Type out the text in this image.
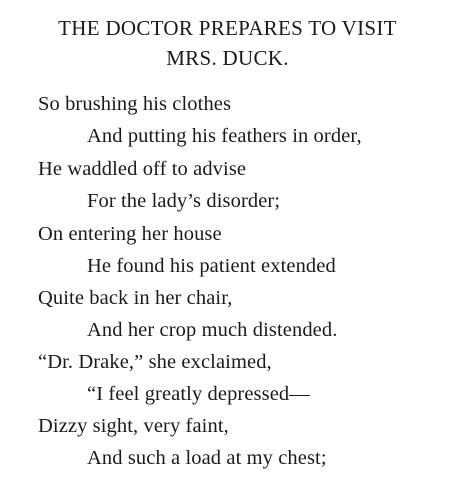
THE DOCTOR PREPARES TO VISIT
MRS. DUCK.
So brushing his clothes
And putting his feathers in order,
He waddled off to advise
For the lady’s disorder;
On entering her house
He found his patient extended
Quite back in her chair,
And her crop much distended.
“Dr. Drake,” she exclaimed,
“I feel greatly depressed—
Dizzy sight, very faint,
And such a load at my chest;
